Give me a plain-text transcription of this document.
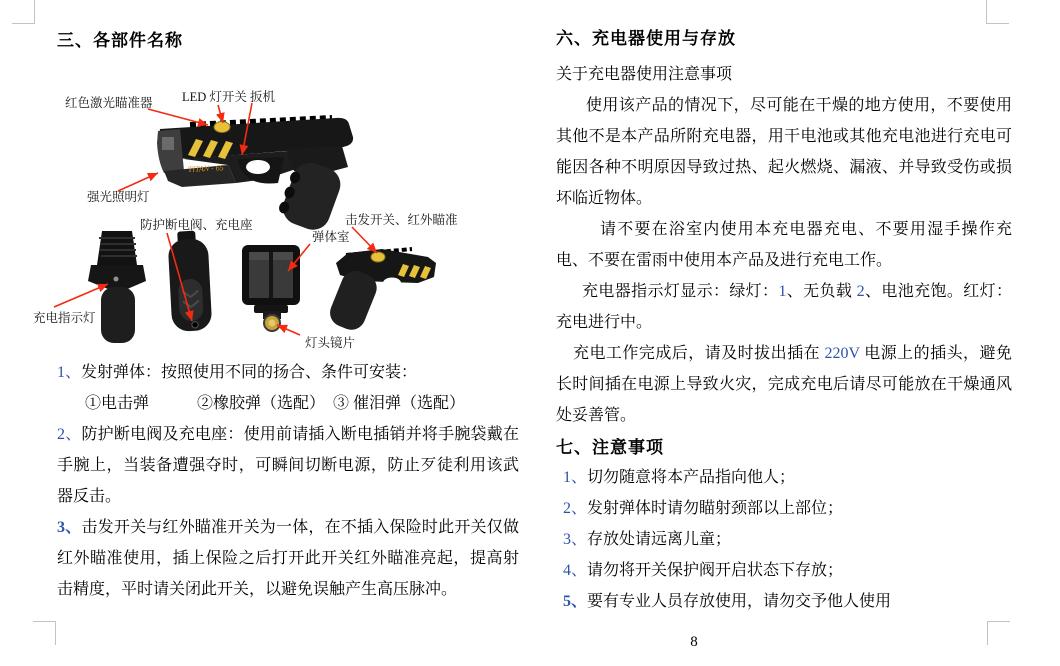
三、各部件名称
TITAN - 65
红色激光瞄准器 LED 灯开关 扳机
强光照明灯
防护断电阀、充电座	击发开关、红外瞄准
弹体室
充电指示灯
灯头镜片

1、发射弹体：按照使用不同的扬合、条件可安装：

①电击弹　　　②橡胶弹（选配）　③ 催泪弹（选配）

2、防护断电阀及充电座：使用前请插入断电插销并将手腕袋戴在手腕上，当装备遭强夺时，可瞬间切断电源，防止歹徒利用该武器反击。

3、击发开关与红外瞄准开关为一体，在不插入保险时此开关仅做红外瞄准使用，插上保险之后打开此开关红外瞄准亮起，提高射击精度，平时请关闭此开关，以避免误触产生高压脉冲。

六、充电器使用与存放

关于充电器使用注意事项

使用该产品的情况下，尽可能在干燥的地方使用，不要使用其他不是本产品所附充电器，用干电池或其他充电池进行充电可能因各种不明原因导致过热、起火燃烧、漏液、并导致受伤或损坏临近物体。

请不要在浴室内使用本充电器充电、不要用湿手操作充电、不要在雷雨中使用本产品及进行充电工作。

充电器指示灯显示：绿灯：1、无负载 2、电池充饱。红灯：充电进行中。

充电工作完成后，请及时拔出插在 220V 电源上的插头，避免长时间插在电源上导致火灾，完成充电后请尽可能放在干燥通风处妥善管。

七、注意事项

1、切勿随意将本产品指向他人；

2、发射弹体时请勿瞄射颈部以上部位；

3、存放处请远离儿童；

4、请勿将开关保护阀开启状态下存放；

5、要有专业人员存放使用，请勿交予他人使用

8
